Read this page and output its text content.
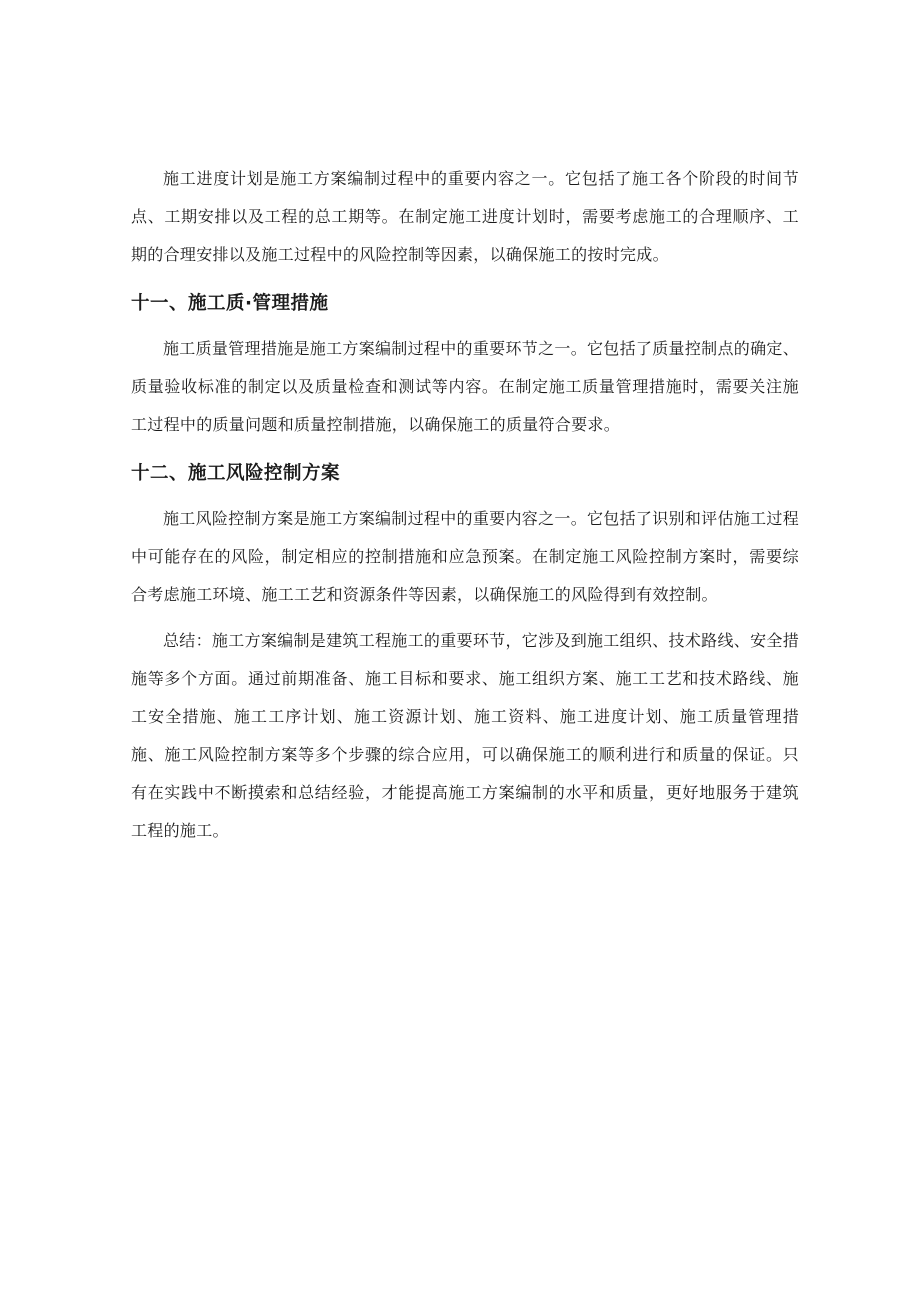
施工进度计划是施工方案编制过程中的重要内容之一。它包括了施工各个阶段的时间节点、工期安排以及工程的总工期等。在制定施工进度计划时，需要考虑施工的合理顺序、工期的合理安排以及施工过程中的风险控制等因素，以确保施工的按时完成。

十一、施工质·管理措施

施工质量管理措施是施工方案编制过程中的重要环节之一。它包括了质量控制点的确定、质量验收标准的制定以及质量检查和测试等内容。在制定施工质量管理措施时，需要关注施工过程中的质量问题和质量控制措施，以确保施工的质量符合要求。

十二、施工风险控制方案

施工风险控制方案是施工方案编制过程中的重要内容之一。它包括了识别和评估施工过程中可能存在的风险，制定相应的控制措施和应急预案。在制定施工风险控制方案时，需要综合考虑施工环境、施工工艺和资源条件等因素，以确保施工的风险得到有效控制。

总结：施工方案编制是建筑工程施工的重要环节，它涉及到施工组织、技术路线、安全措施等多个方面。通过前期准备、施工目标和要求、施工组织方案、施工工艺和技术路线、施工安全措施、施工工序计划、施工资源计划、施工资料、施工进度计划、施工质量管理措施、施工风险控制方案等多个步骤的综合应用，可以确保施工的顺利进行和质量的保证。只有在实践中不断摸索和总结经验，才能提高施工方案编制的水平和质量，更好地服务于建筑工程的施工。
